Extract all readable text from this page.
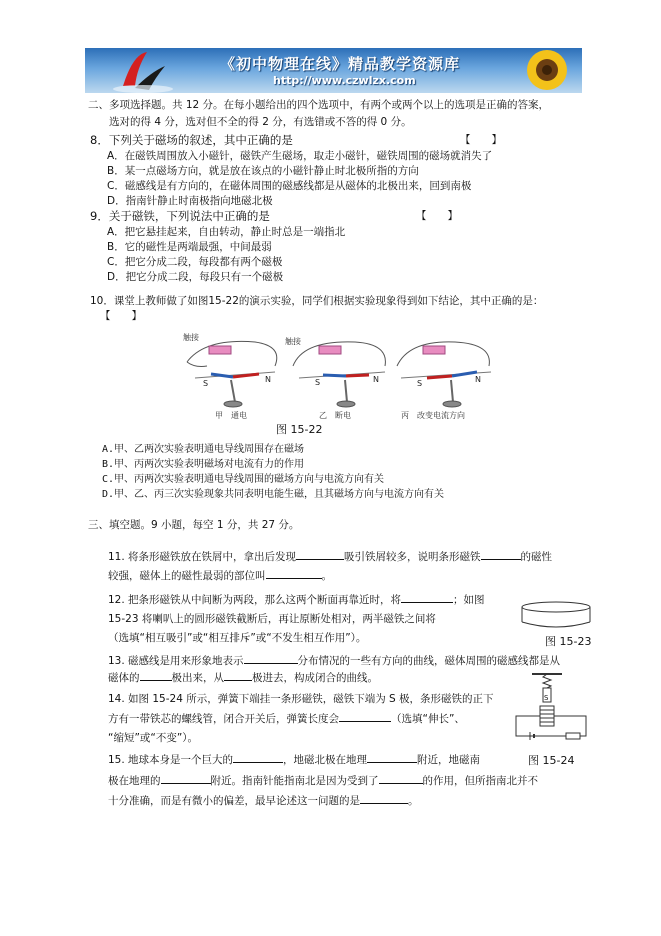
《初中物理在线》精品教学资源库
http://www.czwlzx.com
二、多项选择题。共 12 分。在每小题给出的四个选项中，有两个或两个以上的选项是正确的答案，
选对的得 4 分，选对但不全的得 2 分，有选错或不答的得 0 分。
8．下列关于磁场的叙述，其中正确的是	【　　】
A．在磁铁周围放入小磁针，磁铁产生磁场，取走小磁针，磁铁周围的磁场就消失了
B．某一点磁场方向，就是放在该点的小磁针静止时北极所指的方向
C．磁感线是有方向的，在磁体周围的磁感线都是从磁体的北极出来，回到南极
D．指南针静止时南极指向地磁北极
9．关于磁铁，下列说法中正确的是	【　　】
A．把它悬挂起来，自由转动，静止时总是一端指北
B．它的磁性是两端最强，中间最弱
C．把它分成二段，每段都有两个磁极
D．把它分成二段，每段只有一个磁极
10．课堂上教师做了如图15-22的演示实验，同学们根据实验现象得到如下结论，其中正确的是：
【　　】
触接	触接
S	N	S	N	S	N
甲　通电	乙　断电	丙　改变电流方向
图 15-22
A.甲、乙两次实验表明通电导线周围存在磁场
B.甲、丙两次实验表明磁场对电流有力的作用
C.甲、丙两次实验表明通电导线周围的磁场方向与电流方向有关
D.甲、乙、丙三次实验现象共同表明电能生磁，且其磁场方向与电流方向有关
三、填空题。9 小题，每空 1 分，共 27 分。
11. 将条形磁铁放在铁屑中，拿出后发现	吸引铁屑较多，说明条形磁铁	的磁性
较强，磁体上的磁性最弱的部位叫	。
12. 把条形磁铁从中间断为两段，那么这两个断面再靠近时，将	；如图
15-23 将喇叭上的圆形磁铁截断后，再让原断处相对，两半磁铁之间将
（选填“相互吸引”或“相互排斥”或“不发生相互作用”）。	图 15-23
13. 磁感线是用来形象地表示	分布情况的一些有方向的曲线，磁体周围的磁感线都是从
磁体的	极出来，从	极进去，构成闭合的曲线。
14. 如图 15-24 所示，弹簧下端挂一条形磁铁，磁铁下端为 S 极，条形磁铁的正下
方有一带铁芯的螺线管，闭合开关后，弹簧长度会	（选填“伸长”、
“缩短”或“不变”）。
S
图 15-24
15. 地球本身是一个巨大的	，地磁北极在地理	附近，地磁南
极在地理的	附近。指南针能指南北是因为受到了	的作用，但所指南北并不
十分准确，而是有微小的偏差，最早论述这一问题的是	。
